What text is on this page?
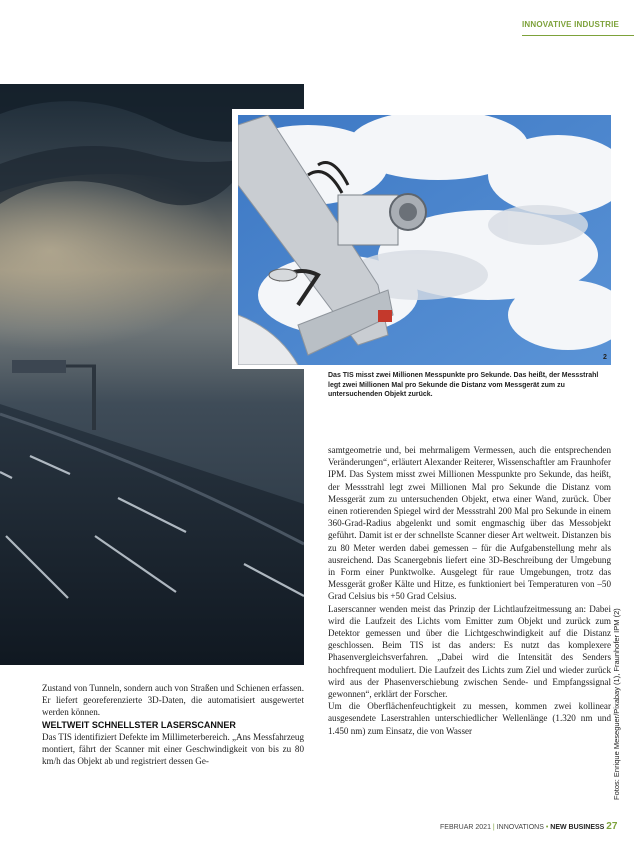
INNOVATIVE INDUSTRIE
2
Das TIS misst zwei Millionen Messpunkte pro Sekunde. Das heißt, der Messstrahl legt zwei Millionen Mal pro Sekunde die Distanz vom Messgerät zum zu untersuchenden Objekt zurück.

samtgeometrie und, bei mehrmaligem Vermessen, auch die entsprechenden Veränderungen“, erläutert Alexander Reiterer, Wissenschaftler am Fraunhofer IPM. Das System misst zwei Millionen Messpunkte pro Sekunde, das heißt, der Messstrahl legt zwei Millionen Mal pro Sekunde die Distanz vom Messgerät zum zu untersuchenden Objekt, etwa einer Wand, zurück. Über einen rotierenden Spiegel wird der Messstrahl 200 Mal pro Sekunde in einem 360-Grad-Radius abgelenkt und somit engmaschig über das Messobjekt geführt. Damit ist er der schnellste Scanner dieser Art weltweit. Distanzen bis zu 80 Meter werden dabei gemessen – für die Aufgabenstellung mehr als ausreichend. Das Scanergebnis liefert eine 3D-Beschreibung der Umgebung in Form einer Punktwolke. Ausgelegt für raue Umgebungen, trotz das Messgerät großer Kälte und Hitze, es funktioniert bei Temperaturen von –50 Grad Celsius bis +50 Grad Celsius.

Laserscanner wenden meist das Prinzip der Lichtlaufzeitmessung an: Dabei wird die Laufzeit des Lichts vom Emitter zum Objekt und zurück zum Detektor gemessen und über die Lichtgeschwindigkeit auf die Distanz geschlossen. Beim TIS ist das anders: Es nutzt das komplexere Phasenvergleichsverfahren. „Dabei wird die Intensität des Senders hochfrequent moduliert. Die Laufzeit des Lichts zum Ziel und wieder zurück wird aus der Phasenverschiebung zwischen Sende- und Empfangssignal gewonnen“, erklärt der Forscher.

Um die Oberflächenfeuchtigkeit zu messen, kommen zwei kollinear ausgesendete Laserstrahlen unterschiedlicher Wellenlänge (1.320 nm und 1.450 nm) zum Einsatz, die von Wasser

Zustand von Tunneln, sondern auch von Straßen und Schienen erfassen. Er liefert georeferenzierte 3D-Daten, die automatisiert ausgewertet werden können.

WELTWEIT SCHNELLSTER LASERSCANNER

Das TIS identifiziert Defekte im Millimeterbereich. „Ans Messfahrzeug montiert, fährt der Scanner mit einer Geschwindigkeit von bis zu 80 km/h das Objekt ab und registriert dessen Ge-	Fotos: Enrique Meseguer/Pixabay (1), Fraunhofer IPM (2)
FEBRUAR 2021 | INNOVATIONS • NEW BUSINESS 27
